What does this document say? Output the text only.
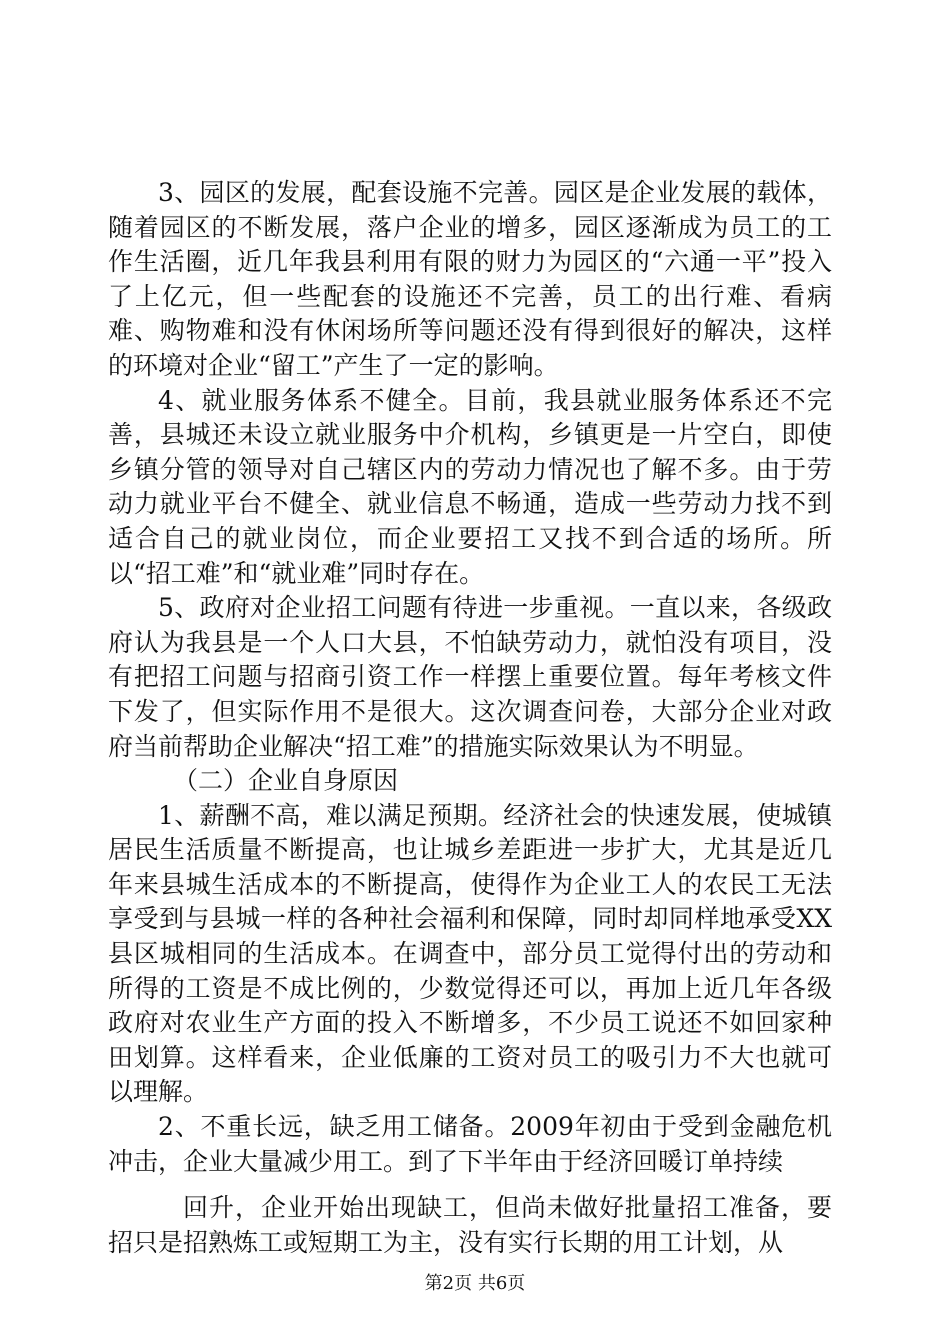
3、园区的发展，配套设施不完善。园区是企业发展的载体，随着园区的不断发展，落户企业的增多，园区逐渐成为员工的工作生活圈，近几年我县利用有限的财力为园区的“六通一平”投入了上亿元，但一些配套的设施还不完善，员工的出行难、看病难、购物难和没有休闲场所等问题还没有得到很好的解决，这样的环境对企业“留工”产生了一定的影响。

4、就业服务体系不健全。目前，我县就业服务体系还不完善，县城还未设立就业服务中介机构，乡镇更是一片空白，即使乡镇分管的领导对自己辖区内的劳动力情况也了解不多。由于劳动力就业平台不健全、就业信息不畅通，造成一些劳动力找不到适合自己的就业岗位，而企业要招工又找不到合适的场所。所以“招工难”和“就业难”同时存在。

5、政府对企业招工问题有待进一步重视。一直以来，各级政府认为我县是一个人口大县，不怕缺劳动力，就怕没有项目，没有把招工问题与招商引资工作一样摆上重要位置。每年考核文件下发了，但实际作用不是很大。这次调查问卷，大部分企业对政府当前帮助企业解决“招工难”的措施实际效果认为不明显。

（二）企业自身原因

1、薪酬不高，难以满足预期。经济社会的快速发展，使城镇居民生活质量不断提高，也让城乡差距进一步扩大，尤其是近几年来县城生活成本的不断提高，使得作为企业工人的农民工无法享受到与县城一样的各种社会福利和保障，同时却同样地承受XX县区城相同的生活成本。在调查中，部分员工觉得付出的劳动和所得的工资是不成比例的，少数觉得还可以，再加上近几年各级政府对农业生产方面的投入不断增多，不少员工说还不如回家种田划算。这样看来，企业低廉的工资对员工的吸引力不大也就可以理解。

2、不重长远，缺乏用工储备。2009年初由于受到金融危机冲击，企业大量减少用工。到了下半年由于经济回暖订单持续

回升，企业开始出现缺工，但尚未做好批量招工准备，要招只是招熟炼工或短期工为主，没有实行长期的用工计划，从

第2页 共6页
